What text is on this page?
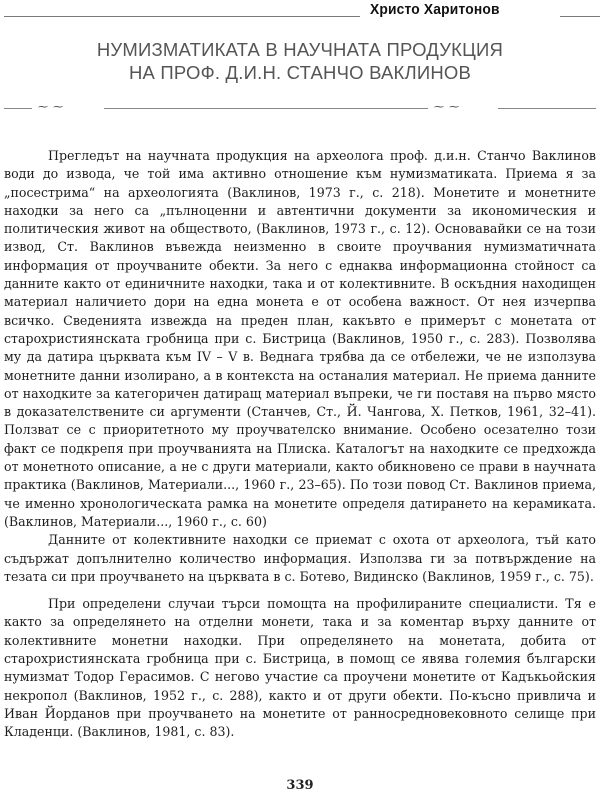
Христо Харитонов
НУМИЗМАТИКАТА В НАУЧНАТА ПРОДУКЦИЯ
НА ПРОФ. Д.И.Н. СТАНЧО ВАКЛИНОВ
⁓ ⁓	⁓ ⁓

Прегледът на научната продукция на археолога проф. д.и.н. Станчо Ваклинов води до извода, че той има активно отношение към нумизматиката. Приема я за „посестрима“ на археологията (Ваклинов, 1973 г., с. 218). Монетите и монетните находки за него са „пълноценни и автентични документи за икономическия и политическия живот на обществото, (Ваклинов, 1973 г., с. 12). Основавайки се на този извод, Ст. Ваклинов въвежда неизменно в своите проучвания нумизматичната информация от проучваните обекти. За него с еднаква информационна стойност са данните както от единичните находки, така и от колективните. В оскъдния находищен материал наличието дори на една монета е от особена важност. От нея изчерпва всичко. Сведенията извежда на преден план, какъвто е примерът с монетата от старохристиянската гробница при с. Бистрица (Ваклинов, 1950 г., с. 283). Позволява му да датира църквата към IV – V в. Веднага трябва да се отбележи, че не използува монетните данни изолирано, а в контекста на останалия материал. Не приема данните от находките за категоричен датиращ материал въпреки, че ги поставя на първо място в доказателствените си аргументи (Станчев, Ст., Й. Чангова, Х. Петков, 1961, 32–41). Ползват се с приоритетното му проучвателско внимание. Особено осезателно този факт се подкрепя при проучванията на Плиска. Каталогът на находките се предхожда от монетното описание, а не с други материали, както обикновено се прави в научната практика (Ваклинов, Материали..., 1960 г., 23–65). По този повод Ст. Ваклинов приема, че именно хронологическата рамка на монетите определя датирането на керамиката. (Ваклинов, Материали..., 1960 г., с. 60)

Данните от колективните находки се приемат с охота от археолога, тъй като съдържат допълнително количество информация. Използва ги за потвърждение на тезата си при проучването на църквата в с. Ботево, Видинско (Ваклинов, 1959 г., с. 75).

При определени случаи търси помощта на профилираните специалисти. Тя е както за определянето на отделни монети, така и за коментар върху данните от колективните монетни находки. При определянето на монетата, добита от старохристиянската гробница при с. Бистрица, в помощ се явява големия български нумизмат Тодор Герасимов. С негово участие са проучени монетите от Кадъкьойския некропол (Ваклинов, 1952 г., с. 288), както и от други обекти. По-късно привлича и Иван Йорданов при проучването на монетите от ранносредновековното селище при Кладенци. (Ваклинов, 1981, с. 83).

339
